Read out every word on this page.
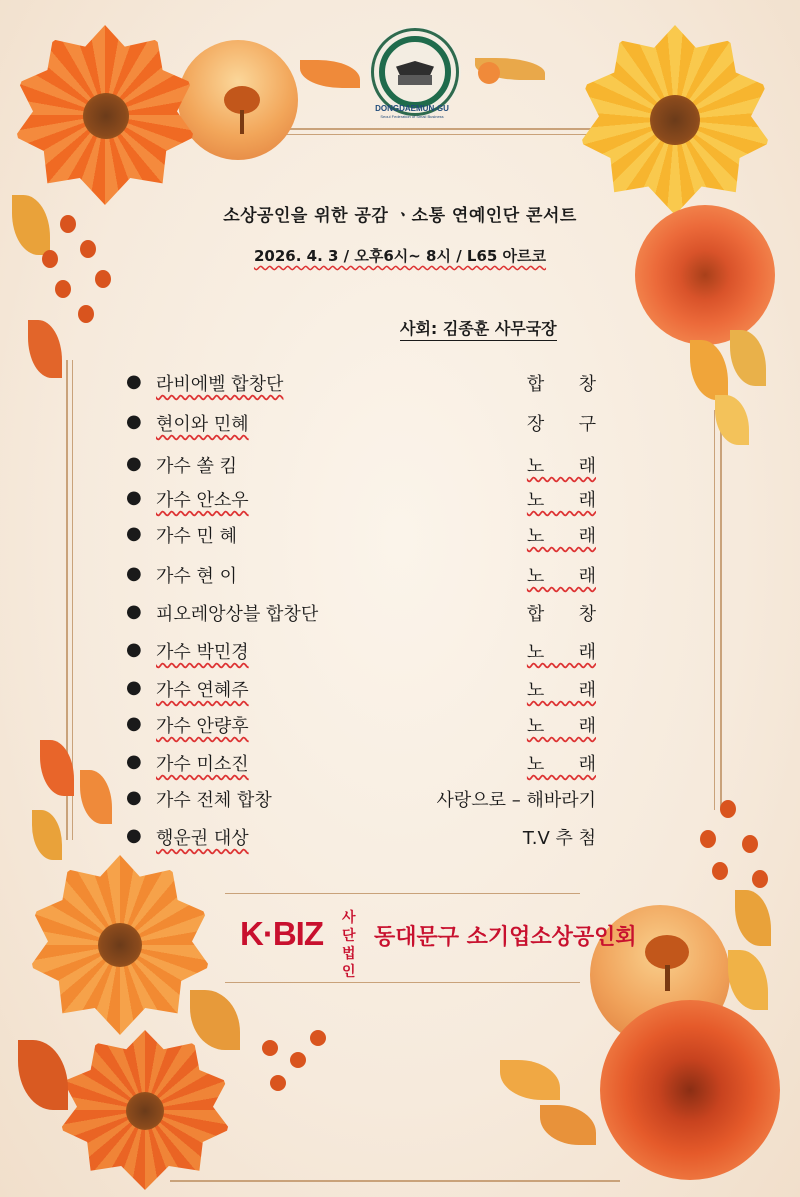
DONGDAEMUN-GU
Seoul Federation of Small Business
소상공인을 위한 공감 ㆍ소통 연예인단 콘서트
2026. 4. 3 / 오후6시~ 8시 / L65 아르코
사회: 김종훈 사무국장
● 라비에벨 합창단	합      창
● 현이와 민혜	장      구
● 가수 쏠 킴	노      래
● 가수 안소우	노      래
● 가수 민 혜	노      래
● 가수 현 이	노      래
● 피오레앙상블 합창단	합      창
● 가수 박민경	노      래
● 가수 연혜주	노      래
● 가수 안량후	노      래
● 가수 미소진	노      래
● 가수 전체 합창	사랑으로 – 해바라기
● 행운권 대상	T.V 추 첨
K·BIZ 사단법인
동대문구 소기업소상공인회
